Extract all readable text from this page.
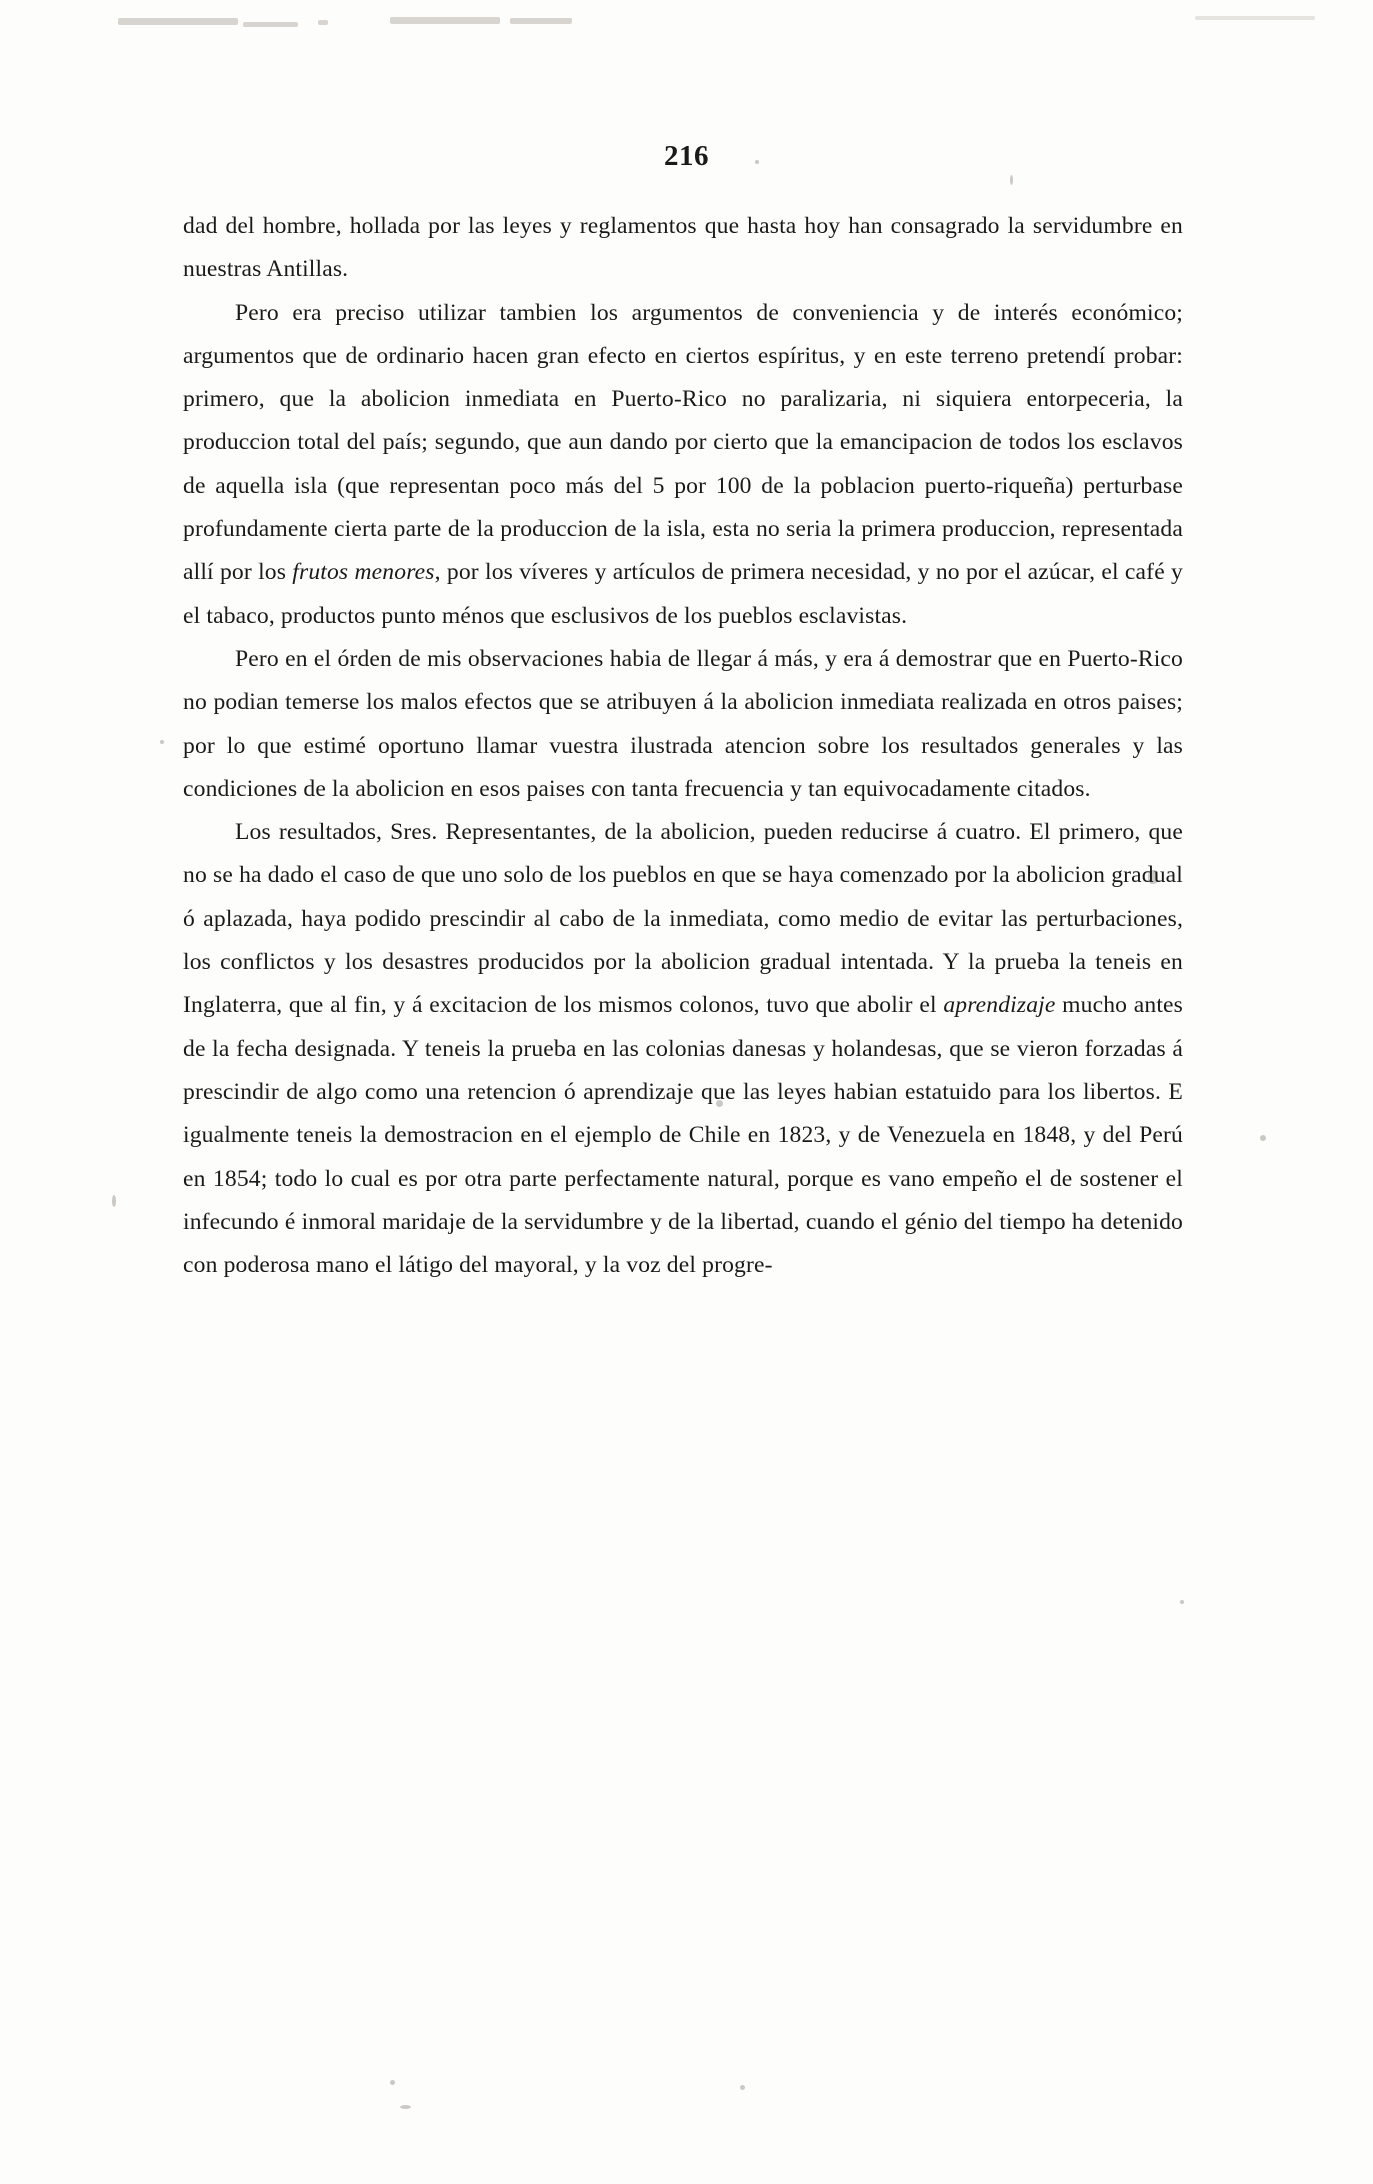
216

dad del hombre, hollada por las leyes y reglamentos que hasta hoy han consagrado la servidumbre en nuestras Antillas.

Pero era preciso utilizar tambien los argumentos de conveniencia y de interés económico; argumentos que de ordinario hacen gran efecto en ciertos espíritus, y en este terreno pretendí probar: primero, que la abolicion inmediata en Puerto-Rico no paralizaria, ni siquiera entorpeceria, la produccion total del país; segundo, que aun dando por cierto que la emancipacion de todos los esclavos de aquella isla (que representan poco más del 5 por 100 de la poblacion puerto-riqueña) perturbase profundamente cierta parte de la produccion de la isla, esta no seria la primera produccion, representada allí por los frutos menores, por los víveres y artículos de primera necesidad, y no por el azúcar, el café y el tabaco, productos punto ménos que esclusivos de los pueblos esclavistas.

Pero en el órden de mis observaciones habia de llegar á más, y era á demostrar que en Puerto-Rico no podian temerse los malos efectos que se atribuyen á la abolicion inmediata realizada en otros paises; por lo que estimé oportuno llamar vuestra ilustrada atencion sobre los resultados generales y las condiciones de la abolicion en esos paises con tanta frecuencia y tan equivocadamente citados.

Los resultados, Sres. Representantes, de la abolicion, pueden reducirse á cuatro. El primero, que no se ha dado el caso de que uno solo de los pueblos en que se haya comenzado por la abolicion gradual ó aplazada, haya podido prescindir al cabo de la inmediata, como medio de evitar las perturbaciones, los conflictos y los desastres producidos por la abolicion gradual intentada. Y la prueba la teneis en Inglaterra, que al fin, y á excitacion de los mismos colonos, tuvo que abolir el aprendizaje mucho antes de la fecha designada. Y teneis la prueba en las colonias danesas y holandesas, que se vieron forzadas á prescindir de algo como una retencion ó aprendizaje que las leyes habian estatuido para los libertos. E igualmente teneis la demostracion en el ejemplo de Chile en 1823, y de Venezuela en 1848, y del Perú en 1854; todo lo cual es por otra parte perfectamente natural, porque es vano empeño el de sostener el infecundo é inmoral maridaje de la servidumbre y de la libertad, cuando el génio del tiempo ha detenido con poderosa mano el látigo del mayoral, y la voz del progre-
